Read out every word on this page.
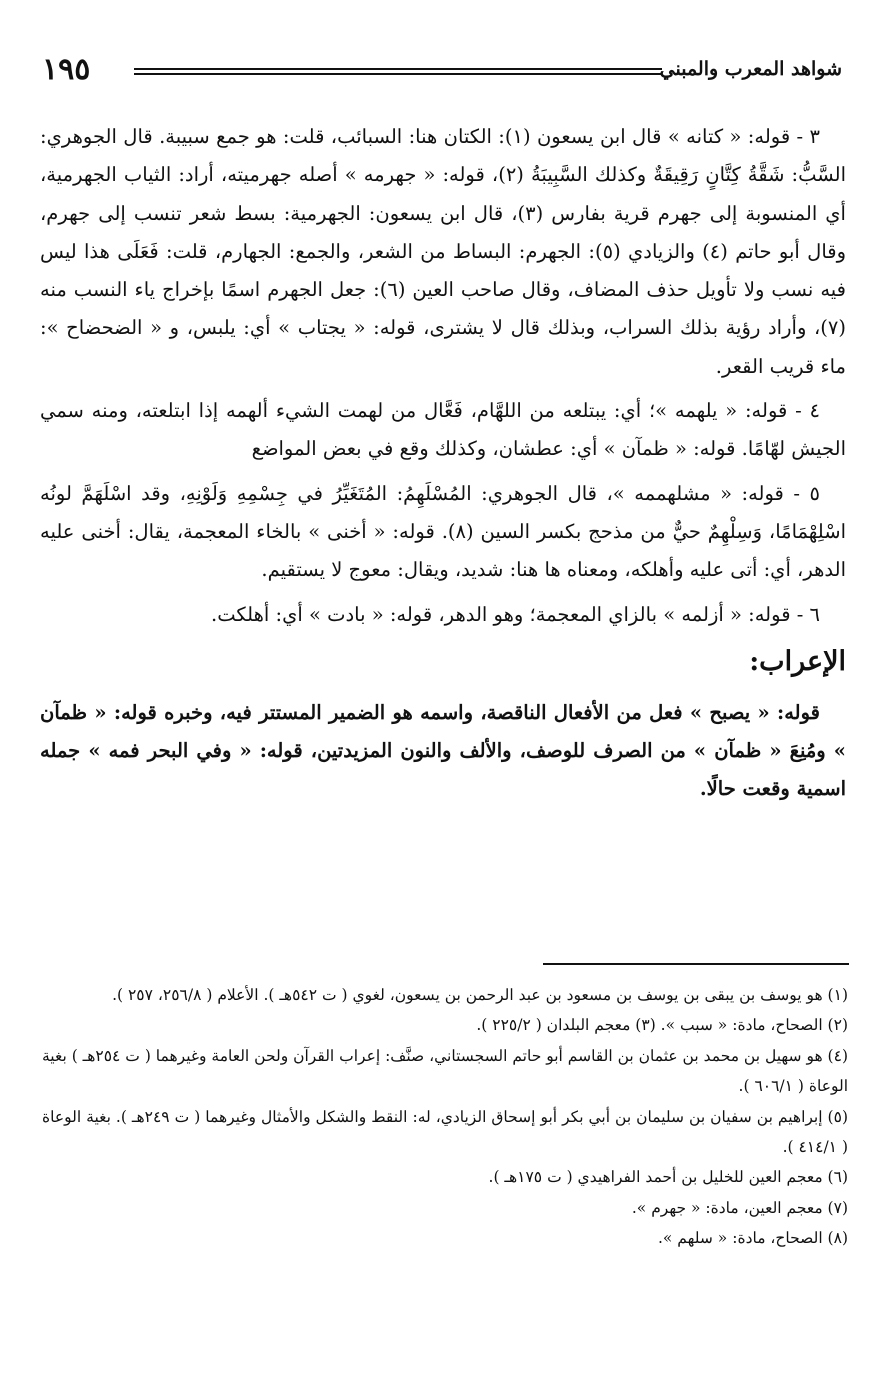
شواهد المعرب والمبني
١٩٥

٣ - قوله: « كتانه » قال ابن يسعون (١): الكتان هنا: السبائب، قلت: هو جمع سبيبة. قال الجوهري: السَّبُّ: شَقَّةُ كِتَّانٍ رَقِيقَةٌ وكذلك السَّبِيبَةُ (٢)، قوله: « جهرمه » أصله جهرميته، أراد: الثياب الجهرمية، أي المنسوبة إلى جهرم قرية بفارس (٣)، قال ابن يسعون: الجهرمية: بسط شعر تنسب إلى جهرم، وقال أبو حاتم (٤) والزيادي (٥): الجهرم: البساط من الشعر، والجمع: الجهارم، قلت: فَعَلَى هذا ليس فيه نسب ولا تأويل حذف المضاف، وقال صاحب العين (٦): جعل الجهرم اسمًا بإخراج ياء النسب منه (٧)، وأراد رؤية بذلك السراب، وبذلك قال لا يشترى، قوله: « يجتاب » أي: يلبس، و « الضحضاح »: ماء قريب القعر.

٤ - قوله: « يلهمه »؛ أي: يبتلعه من اللهَّام، فَعَّال من لهمت الشيء ألهمه إذا ابتلعته، ومنه سمي الجيش لهّامًا. قوله: « ظمآن » أي: عطشان، وكذلك وقع في بعض المواضع

٥ - قوله: « مشلهممه »، قال الجوهري: المُسْلَهِمُ: المُتَغَيِّرُ في جِسْمِهِ وَلَوْنِهِ، وقد اسْلَهَمَّ لونُه اسْلِهْمَامًا، وَسِلْهِمٌ حيٌّ من مذحج بكسر السين (٨). قوله: « أخنى » بالخاء المعجمة، يقال: أخنى عليه الدهر، أي: أتى عليه وأهلكه، ومعناه ها هنا: شديد، ويقال: معوج لا يستقيم.

٦ - قوله: « أزلمه » بالزاي المعجمة؛ وهو الدهر، قوله: « بادت » أي: أهلكت.

الإعراب:

قوله: « يصبح » فعل من الأفعال الناقصة، واسمه هو الضمير المستتر فيه، وخبره قوله: « ظمآن » ومُنِعَ « ظمآن » من الصرف للوصف، والألف والنون المزيدتين، قوله: « وفي البحر فمه » جمله اسمية وقعت حالًا.

(١) هو يوسف بن يبقى بن يوسف بن مسعود بن عبد الرحمن بن يسعون، لغوي ( ت ٥٤٢هـ ). الأعلام ( ٢٥٦/٨، ٢٥٧ ).

(٢) الصحاح، مادة: « سبب ». (٣) معجم البلدان ( ٢٢٥/٢ ).

(٤) هو سهيل بن محمد بن عثمان بن القاسم أبو حاتم السجستاني، صنَّف: إعراب القرآن ولحن العامة وغيرهما ( ت ٢٥٤هـ ) بغية الوعاة ( ٦٠٦/١ ).

(٥) إبراهيم بن سفيان بن سليمان بن أبي بكر أبو إسحاق الزيادي، له: النقط والشكل والأمثال وغيرهما ( ت ٢٤٩هـ ). بغية الوعاة ( ٤١٤/١ ).

(٦) معجم العين للخليل بن أحمد الفراهيدي ( ت ١٧٥هـ ).

(٧) معجم العين، مادة: « جهرم ».

(٨) الصحاح، مادة: « سلهم ».
